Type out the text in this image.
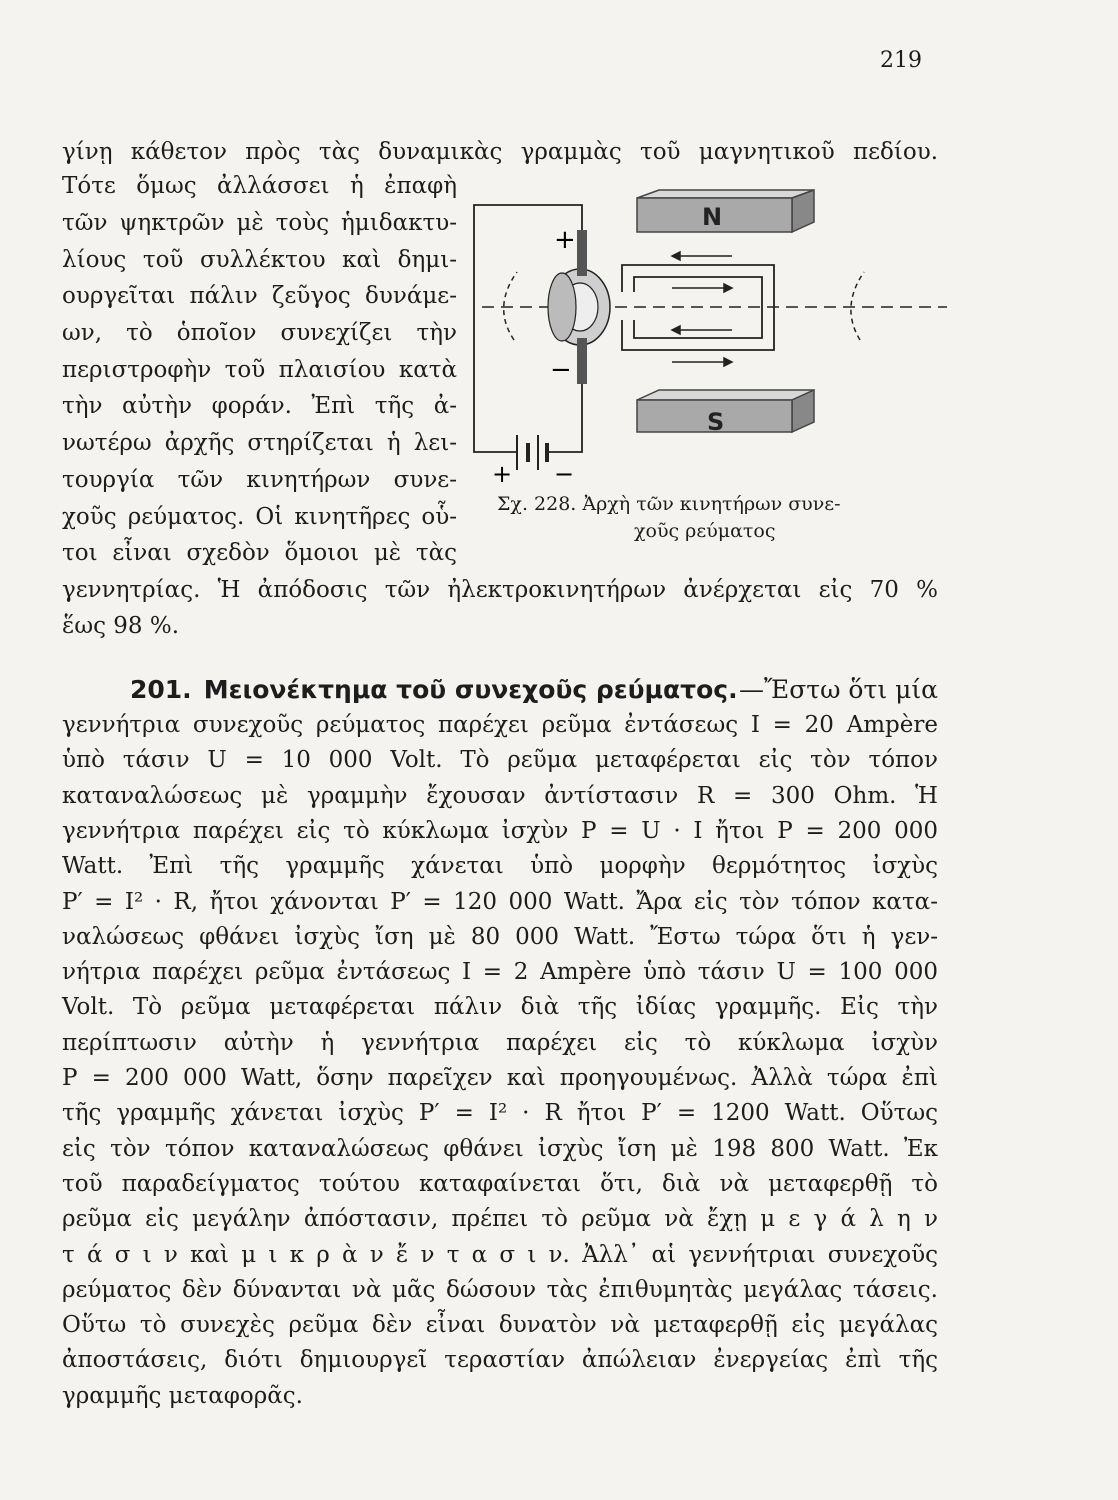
219
γίνῃ κάθετον πρὸς τὰς δυναμικὰς γραμμὰς τοῦ μαγνητικοῦ πεδίου.
Τότε ὅμως ἀλλάσσει ἡ ἐπαφὴ
τῶν ψηκτρῶν μὲ τοὺς ἡμιδακτυ-
λίους τοῦ συλλέκτου καὶ δημι-
ουργεῖται πάλιν ζεῦγος δυνάμε-
ων, τὸ ὁποῖον συνεχίζει τὴν
περιστροφὴν τοῦ πλαισίου κατὰ
τὴν αὐτὴν φοράν. Ἐπὶ τῆς ἀ-
νωτέρω ἀρχῆς στηρίζεται ἡ λει-
τουργία τῶν κινητήρων συνε-
χοῦς ρεύματος. Οἱ κινητῆρες οὗ-
τοι εἶναι σχεδὸν ὅμοιοι μὲ τὰς
γεννητρίας. Ἡ ἀπόδοσις τῶν ἠλεκτροκινητήρων ἀνέρχεται εἰς 70 %
ἕως 98 %.
201. Μειονέκτημα τοῦ συνεχοῦς ρεύματος. —Ἔστω ὅτι μία
γεννήτρια συνεχοῦς ρεύματος παρέχει ρεῦμα ἐντάσεως I = 20 Ampère
ὑπὸ τάσιν U = 10 000 Volt. Τὸ ρεῦμα μεταφέρεται εἰς τὸν τόπον
καταναλώσεως μὲ γραμμὴν ἔχουσαν ἀντίστασιν R = 300 Ohm. Ἡ
γεννήτρια παρέχει εἰς τὸ κύκλωμα ἰσχὺν P = U · I ἤτοι P = 200 000
Watt. Ἐπὶ τῆς γραμμῆς χάνεται ὑπὸ μορφὴν θερμότητος ἰσχὺς
P′ = I² · R, ἤτοι χάνονται P′ = 120 000 Watt. Ἄρα εἰς τὸν τόπον κατα-
ναλώσεως φθάνει ἰσχὺς ἴση μὲ 80 000 Watt. Ἔστω τώρα ὅτι ἡ γεν-
νήτρια παρέχει ρεῦμα ἐντάσεως I = 2 Ampère ὑπὸ τάσιν U = 100 000
Volt. Τὸ ρεῦμα μεταφέρεται πάλιν διὰ τῆς ἰδίας γραμμῆς. Εἰς τὴν
περίπτωσιν αὐτὴν ἡ γεννήτρια παρέχει εἰς τὸ κύκλωμα ἰσχὺν
P = 200 000 Watt, ὅσην παρεῖχεν καὶ προηγουμένως. Ἀλλὰ τώρα ἐπὶ
τῆς γραμμῆς χάνεται ἰσχὺς P′ = I² · R ἤτοι P′ = 1200 Watt. Οὕτως
εἰς τὸν τόπον καταναλώσεως φθάνει ἰσχὺς ἴση μὲ 198 800 Watt. Ἐκ
τοῦ παραδείγματος τούτου καταφαίνεται ὅτι, διὰ νὰ μεταφερθῇ τὸ
ρεῦμα εἰς μεγάλην ἀπόστασιν, πρέπει τὸ ρεῦμα νὰ ἔχῃ μ ε γ ά λ η ν
τ ά σ ι ν καὶ μ ι κ ρ ὰ ν ἔ ν τ α σ ι ν. Ἀλλ᾽ αἱ γεννήτριαι συνεχοῦς
ρεύματος δὲν δύνανται νὰ μᾶς δώσουν τὰς ἐπιθυμητὰς μεγάλας τάσεις.
Οὕτω τὸ συνεχὲς ρεῦμα δὲν εἶναι δυνατὸν νὰ μεταφερθῇ εἰς μεγάλας
ἀποστάσεις, διότι δημιουργεῖ τεραστίαν ἀπώλειαν ἐνεργείας ἐπὶ τῆς
γραμμῆς μεταφορᾶς.
N
S
+
−
+ −
Σχ. 228. Ἀρχὴ τῶν κινητήρων συνε-
χοῦς ρεύματος
